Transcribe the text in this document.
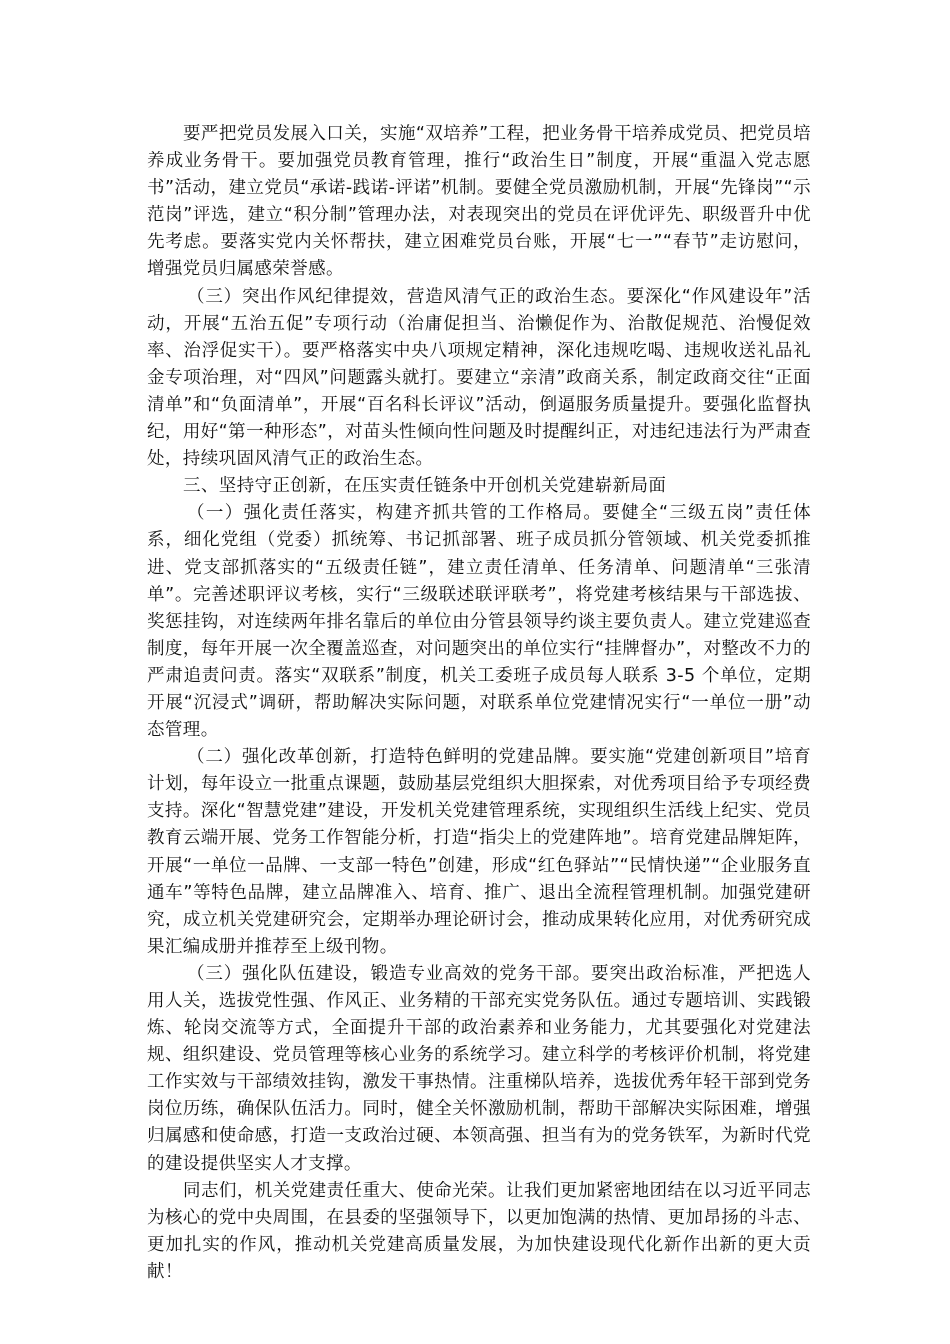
要严把党员发展入口关，实施“双培养”工程，把业务骨干培养成党员、把党员培养成业务骨干。要加强党员教育管理，推行“政治生日”制度，开展“重温入党志愿书”活动，建立党员“承诺-践诺-评诺”机制。要健全党员激励机制，开展“先锋岗”“示范岗”评选，建立“积分制”管理办法，对表现突出的党员在评优评先、职级晋升中优先考虑。要落实党内关怀帮扶，建立困难党员台账，开展“七一”“春节”走访慰问，增强党员归属感荣誉感。

（三）突出作风纪律提效，营造风清气正的政治生态。要深化“作风建设年”活动，开展“五治五促”专项行动（治庸促担当、治懒促作为、治散促规范、治慢促效率、治浮促实干）。要严格落实中央八项规定精神，深化违规吃喝、违规收送礼品礼金专项治理，对“四风”问题露头就打。要建立“亲清”政商关系，制定政商交往“正面清单”和“负面清单”，开展“百名科长评议”活动，倒逼服务质量提升。要强化监督执纪，用好“第一种形态”，对苗头性倾向性问题及时提醒纠正，对违纪违法行为严肃查处，持续巩固风清气正的政治生态。

三、坚持守正创新，在压实责任链条中开创机关党建崭新局面

（一）强化责任落实，构建齐抓共管的工作格局。要健全“三级五岗”责任体系，细化党组（党委）抓统筹、书记抓部署、班子成员抓分管领域、机关党委抓推进、党支部抓落实的“五级责任链”，建立责任清单、任务清单、问题清单“三张清单”。完善述职评议考核，实行“三级联述联评联考”，将党建考核结果与干部选拔、奖惩挂钩，对连续两年排名靠后的单位由分管县领导约谈主要负责人。建立党建巡查制度，每年开展一次全覆盖巡查，对问题突出的单位实行“挂牌督办”，对整改不力的严肃追责问责。落实“双联系”制度，机关工委班子成员每人联系 3-5 个单位，定期开展“沉浸式”调研，帮助解决实际问题，对联系单位党建情况实行“一单位一册”动态管理。

（二）强化改革创新，打造特色鲜明的党建品牌。要实施“党建创新项目”培育计划，每年设立一批重点课题，鼓励基层党组织大胆探索，对优秀项目给予专项经费支持。深化“智慧党建”建设，开发机关党建管理系统，实现组织生活线上纪实、党员教育云端开展、党务工作智能分析，打造“指尖上的党建阵地”。培育党建品牌矩阵，开展“一单位一品牌、一支部一特色”创建，形成“红色驿站”“民情快递”“企业服务直通车”等特色品牌，建立品牌准入、培育、推广、退出全流程管理机制。加强党建研究，成立机关党建研究会，定期举办理论研讨会，推动成果转化应用，对优秀研究成果汇编成册并推荐至上级刊物。

（三）强化队伍建设，锻造专业高效的党务干部。要突出政治标准，严把选人用人关，选拔党性强、作风正、业务精的干部充实党务队伍。通过专题培训、实践锻炼、轮岗交流等方式，全面提升干部的政治素养和业务能力，尤其要强化对党建法规、组织建设、党员管理等核心业务的系统学习。建立科学的考核评价机制，将党建工作实效与干部绩效挂钩，激发干事热情。注重梯队培养，选拔优秀年轻干部到党务岗位历练，确保队伍活力。同时，健全关怀激励机制，帮助干部解决实际困难，增强归属感和使命感，打造一支政治过硬、本领高强、担当有为的党务铁军，为新时代党的建设提供坚实人才支撑。

同志们，机关党建责任重大、使命光荣。让我们更加紧密地团结在以习近平同志为核心的党中央周围，在县委的坚强领导下，以更加饱满的热情、更加昂扬的斗志、更加扎实的作风，推动机关党建高质量发展，为加快建设现代化新作出新的更大贡献！
